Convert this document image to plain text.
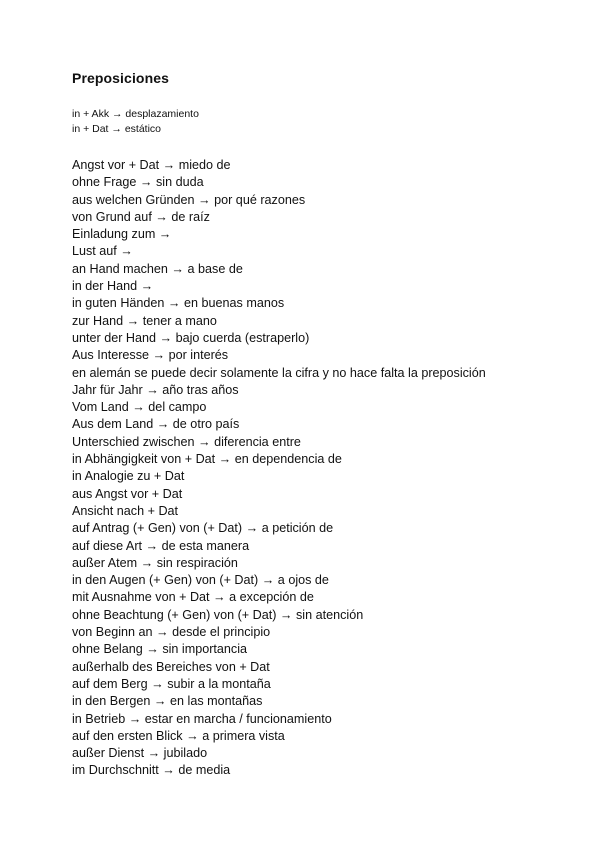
Preposiciones
in + Akk → desplazamiento
in + Dat → estático
Angst vor + Dat → miedo de
ohne Frage → sin duda
aus welchen Gründen → por qué razones
von Grund auf → de raíz
Einladung zum →
Lust auf →
an Hand machen → a base de
in der Hand →
in guten Händen → en buenas manos
zur Hand → tener a mano
unter der Hand → bajo cuerda (estraperlo)
Aus Interesse → por interés
en alemán se puede decir solamente la cifra y no hace falta la preposición
Jahr für Jahr → año tras años
Vom Land → del campo
Aus dem Land → de otro país
Unterschied zwischen → diferencia entre
in Abhängigkeit von + Dat → en dependencia de
in Analogie zu + Dat
aus Angst vor + Dat
Ansicht nach + Dat
auf Antrag (+ Gen) von (+ Dat) → a petición de
auf diese Art → de esta manera
außer Atem → sin respiración
in den Augen (+ Gen) von (+ Dat) → a ojos de
mit Ausnahme von + Dat → a excepción de
ohne Beachtung (+ Gen) von (+ Dat) → sin atención
von Beginn an → desde el principio
ohne Belang → sin importancia
außerhalb des Bereiches von + Dat
auf dem Berg → subir a la montaña
in den Bergen → en las montañas
in Betrieb → estar en marcha / funcionamiento
auf den ersten Blick → a primera vista
außer Dienst → jubilado
im Durchschnitt → de media
